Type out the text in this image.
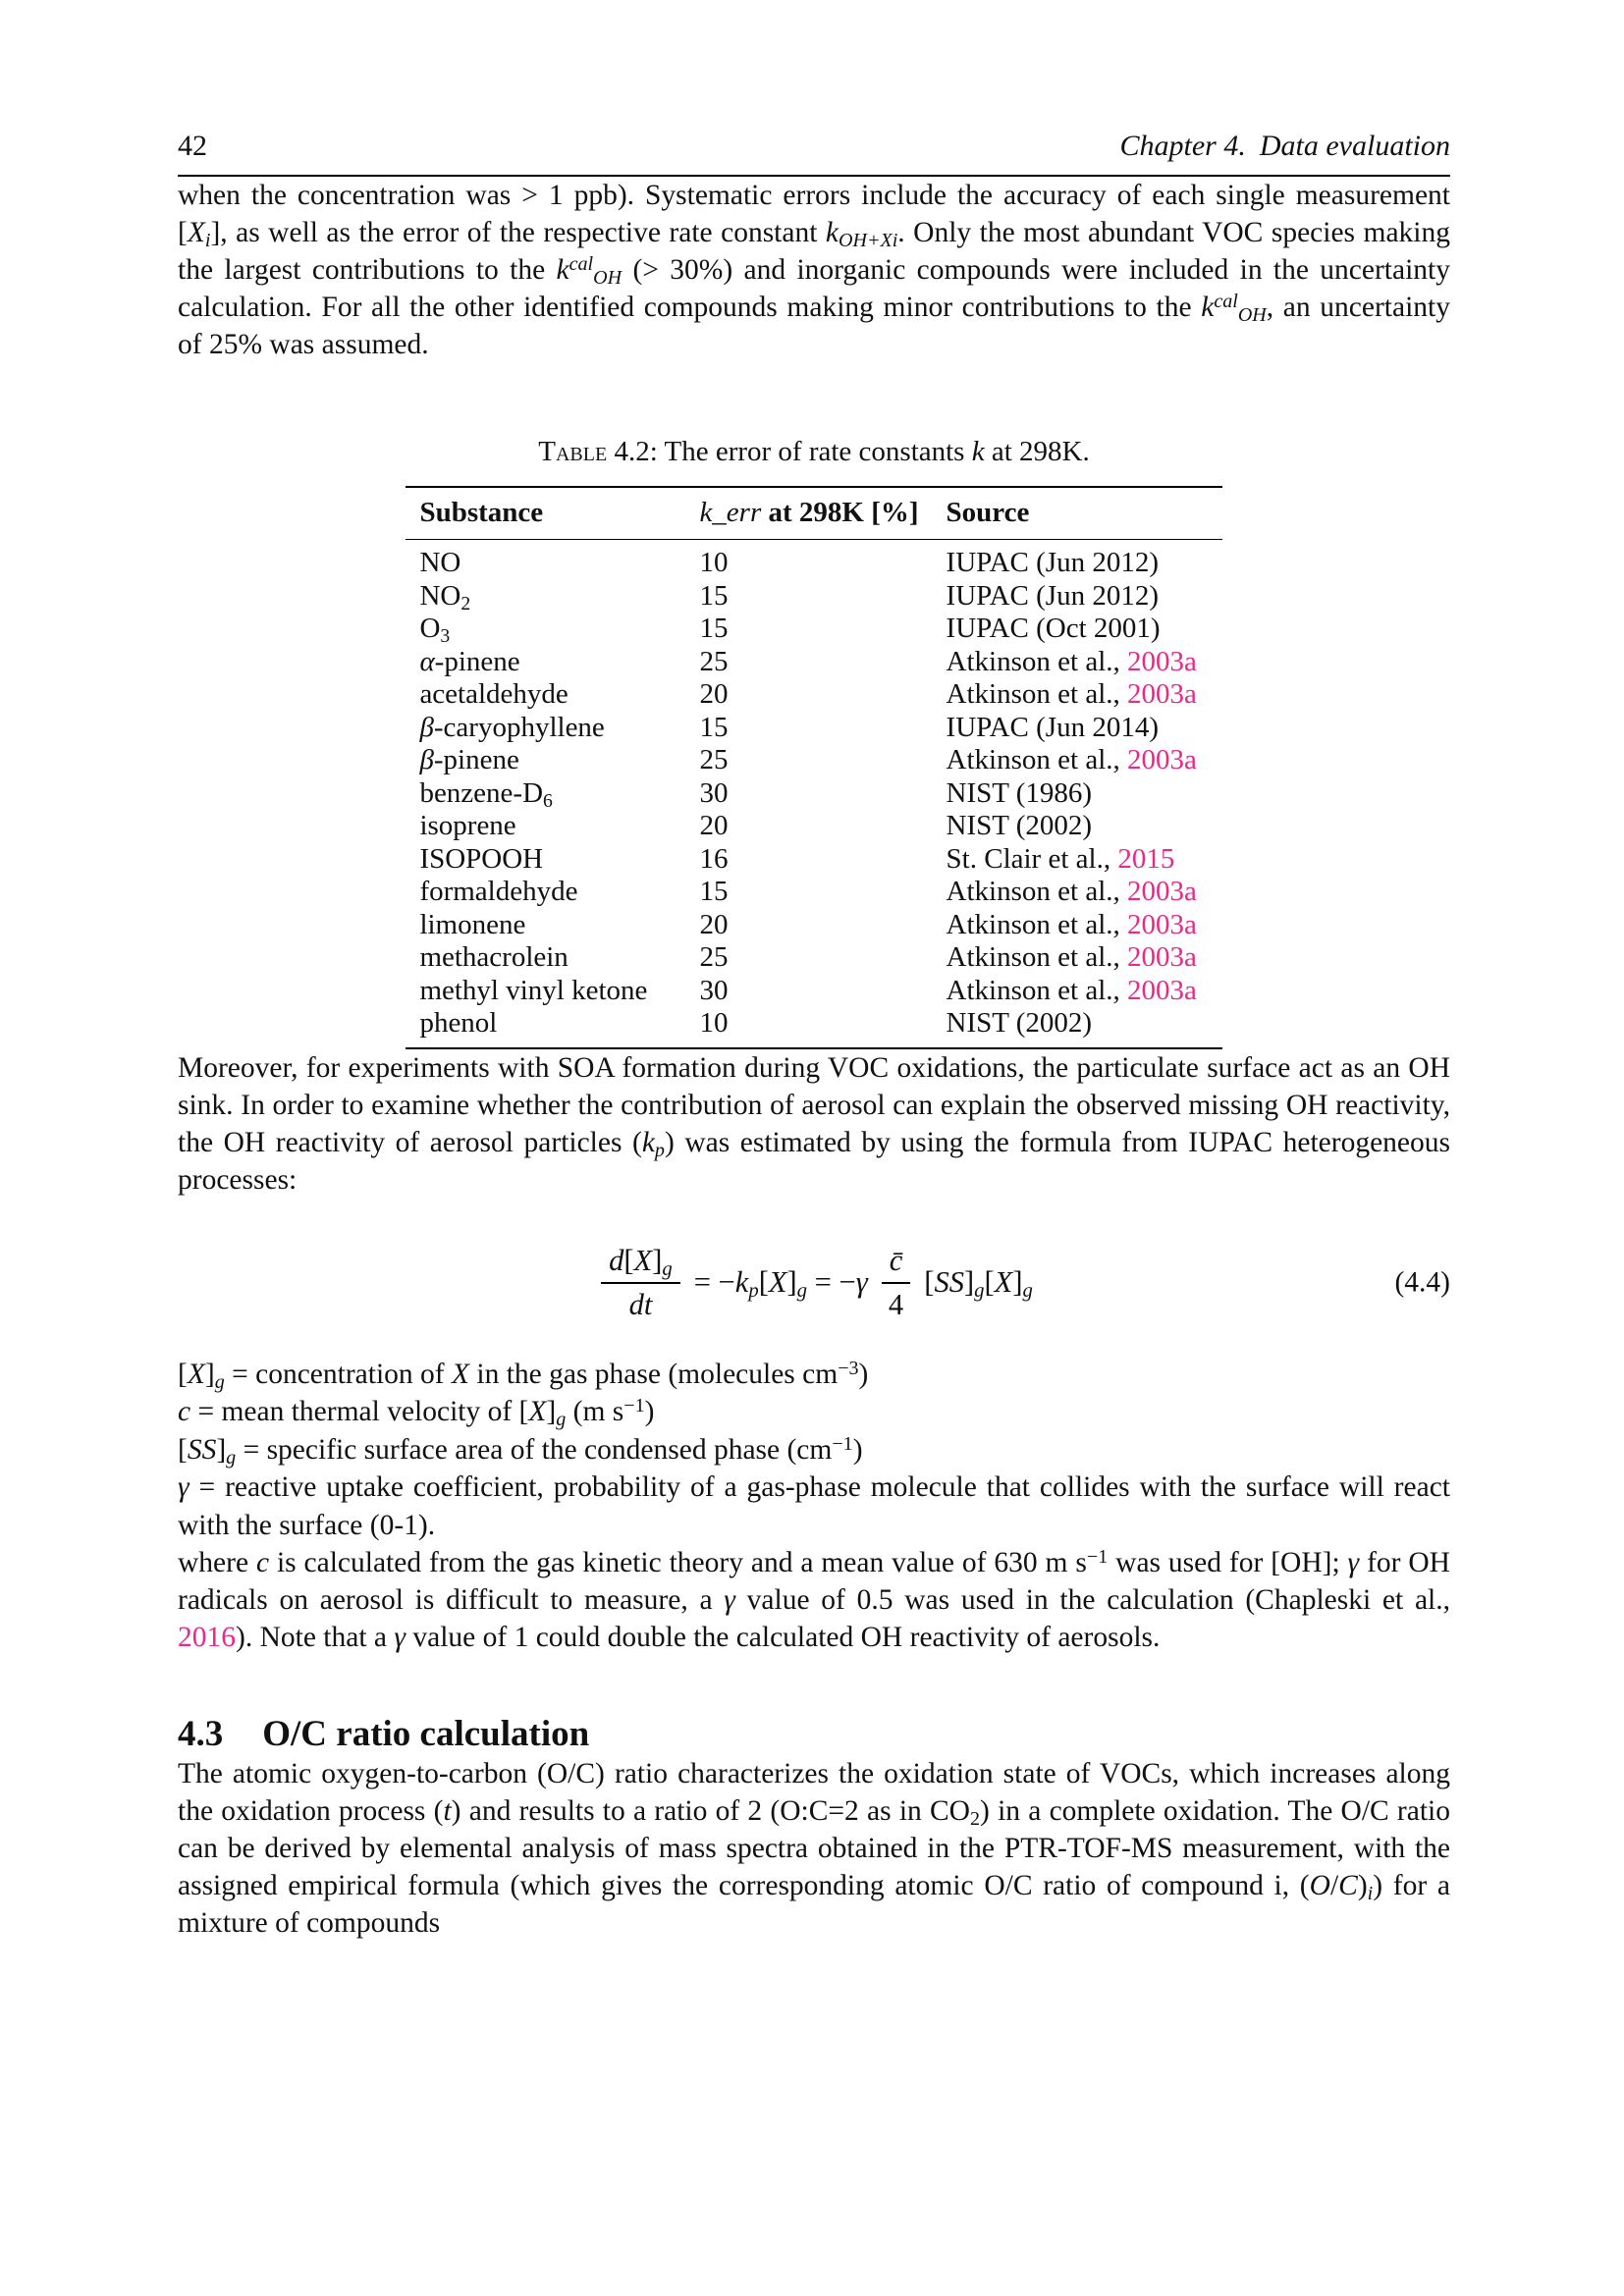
42	Chapter 4. Data evaluation

when the concentration was > 1 ppb). Systematic errors include the accuracy of each single measurement [Xi], as well as the error of the respective rate constant kOH+Xi. Only the most abundant VOC species making the largest contributions to the $k^{cal}OH$ (> 30%) and inorganic compounds were included in the uncertainty calculation. For all the other identified compounds making minor contributions to the $k^{cal}OH$, an uncertainty of 25% was assumed.

Table 4.2: The error of rate constants k at 298K.
Substance	k_err at 298K [%]	Source
NO	10	IUPAC (Jun 2012)
NO2	15	IUPAC (Jun 2012)
O3	15	IUPAC (Oct 2001)
α-pinene	25	Atkinson et al., 2003a
acetaldehyde	20	Atkinson et al., 2003a
β-caryophyllene	15	IUPAC (Jun 2014)
β-pinene	25	Atkinson et al., 2003a
benzene-D6	30	NIST (1986)
isoprene	20	NIST (2002)
ISOPOOH	16	St. Clair et al., 2015
formaldehyde	15	Atkinson et al., 2003a
limonene	20	Atkinson et al., 2003a
methacrolein	25	Atkinson et al., 2003a
methyl vinyl ketone	30	Atkinson et al., 2003a
phenol	10	NIST (2002)

Moreover, for experiments with SOA formation during VOC oxidations, the particulate surface act as an OH sink. In order to examine whether the contribution of aerosol can explain the observed missing OH reactivity, the OH reactivity of aerosol particles (kp) was estimated by using the formula from IUPAC heterogeneous processes:

$\frac{d[X]g}{dt} = -kp[X]g = -\gamma \frac{c̄}{4} [SS]g[X]g$	(4.4)

[X]g = concentration of X in the gas phase (molecules $cm^{-3}$)

c = mean thermal velocity of [X]g (m $s^{-1}$)

[SS]g = specific surface area of the condensed phase $(cm^{-1})$

γ = reactive uptake coefficient, probability of a gas-phase molecule that collides with the surface will react with the surface (0-1).

where c is calculated from the gas kinetic theory and a mean value of 630 m $s^{-1}$ was used for [OH]; γ for OH radicals on aerosol is difficult to measure, a γ value of 0.5 was used in the calculation (Chapleski et al., 2016). Note that a γ value of 1 could double the calculated OH reactivity of aerosols.

4.3 O/C ratio calculation

The atomic oxygen-to-carbon (O/C) ratio characterizes the oxidation state of VOCs, which increases along the oxidation process (t) and results to a ratio of 2 (O:C=2 as in CO2) in a complete oxidation. The O/C ratio can be derived by elemental analysis of mass spectra obtained in the PTR-TOF-MS measurement, with the assigned empirical formula (which gives the corresponding atomic O/C ratio of compound i, (O/C)i) for a mixture of compounds
